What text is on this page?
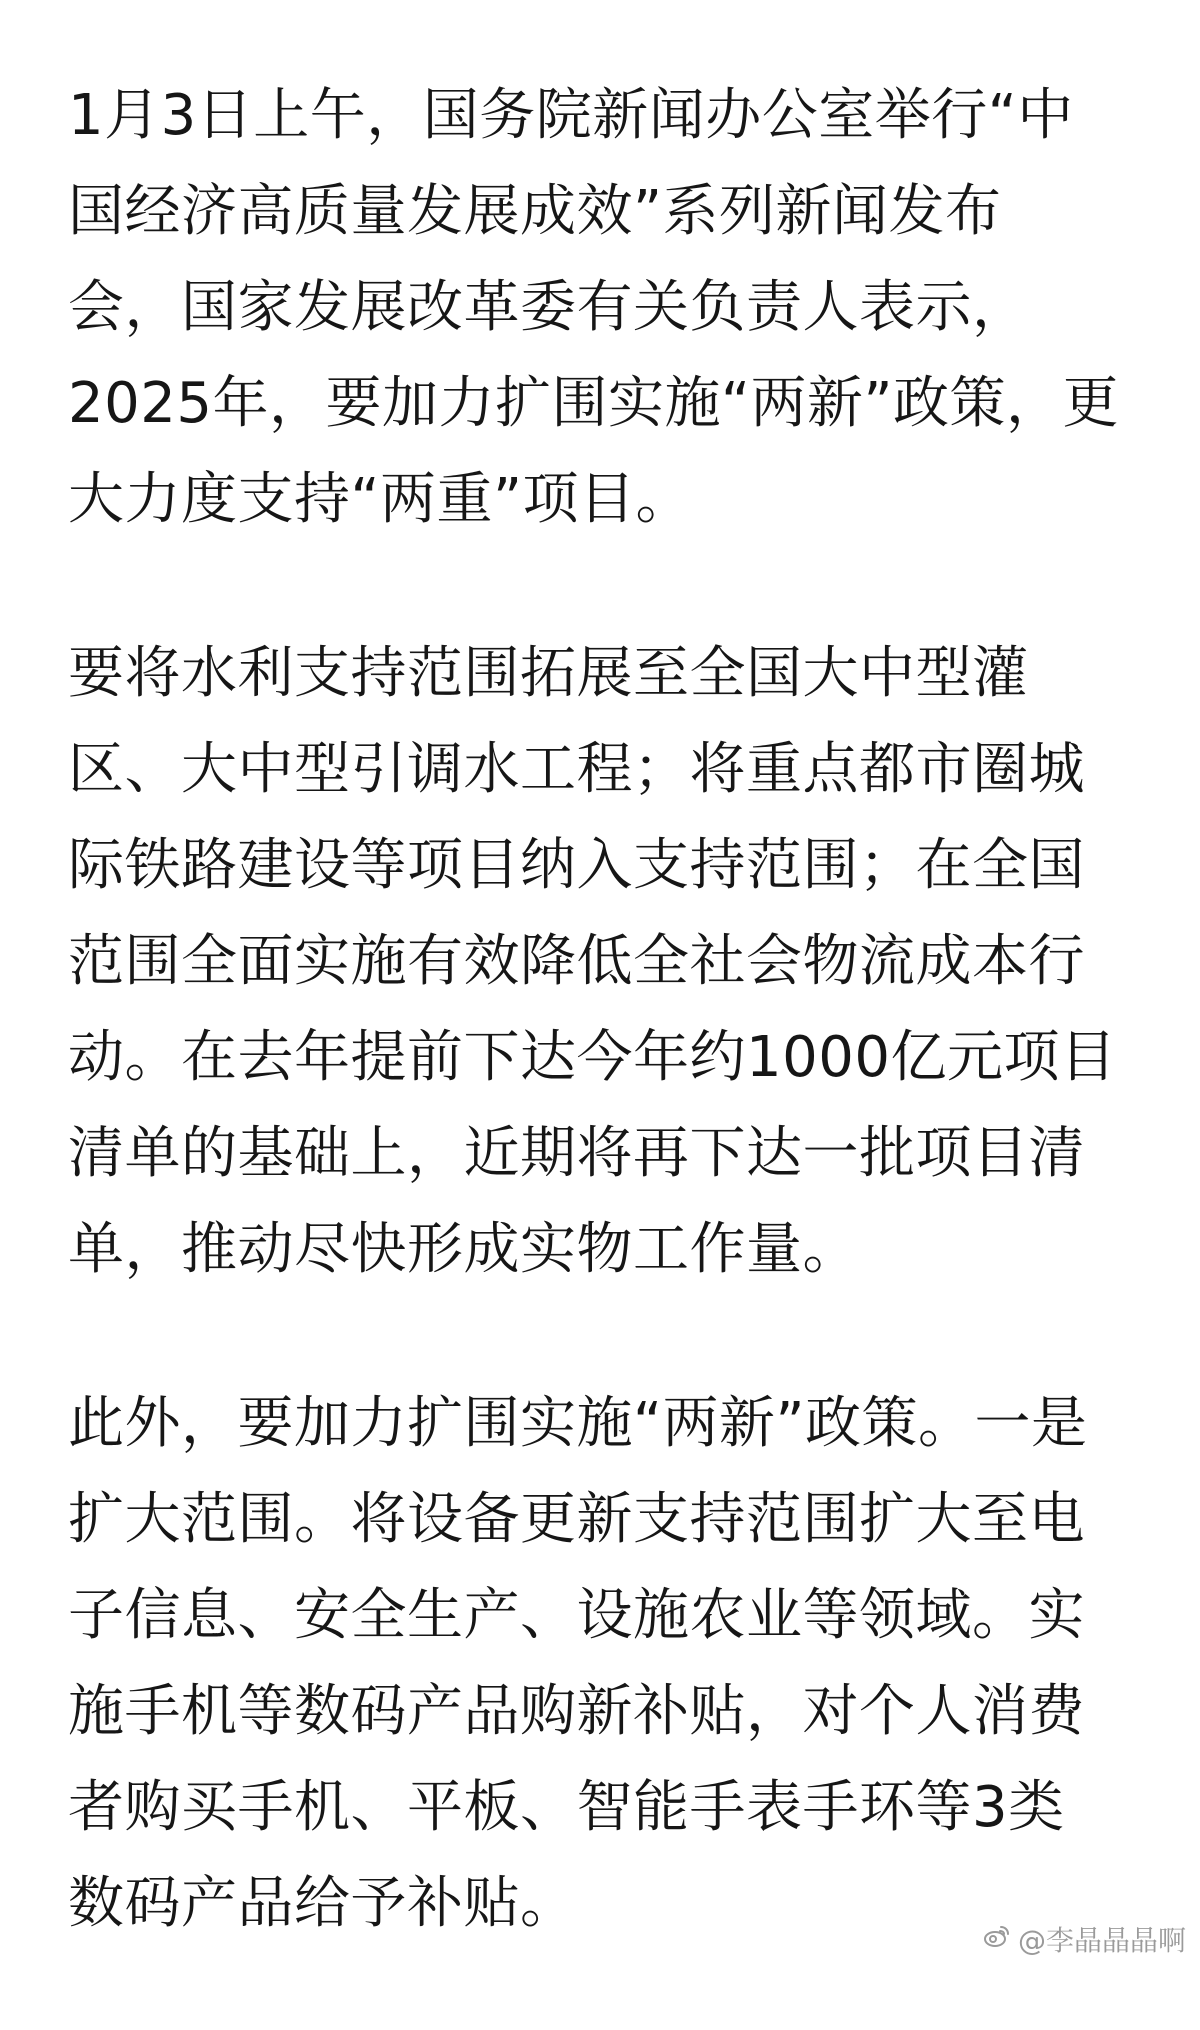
1月3日上午，国务院新闻办公室举行“中
国经济高质量发展成效”系列新闻发布
会，国家发展改革委有关负责人表示，
2025年，要加力扩围实施“两新”政策，更
大力度支持“两重”项目。

要将水利支持范围拓展至全国大中型灌
区、大中型引调水工程；将重点都市圈城
际铁路建设等项目纳入支持范围；在全国
范围全面实施有效降低全社会物流成本行
动。在去年提前下达今年约1000亿元项目
清单的基础上，近期将再下达一批项目清
单，推动尽快形成实物工作量。

此外，要加力扩围实施“两新”政策。一是
扩大范围。将设备更新支持范围扩大至电
子信息、安全生产、设施农业等领域。实
施手机等数码产品购新补贴，对个人消费
者购买手机、平板、智能手表手环等3类
数码产品给予补贴。

@李晶晶晶啊
